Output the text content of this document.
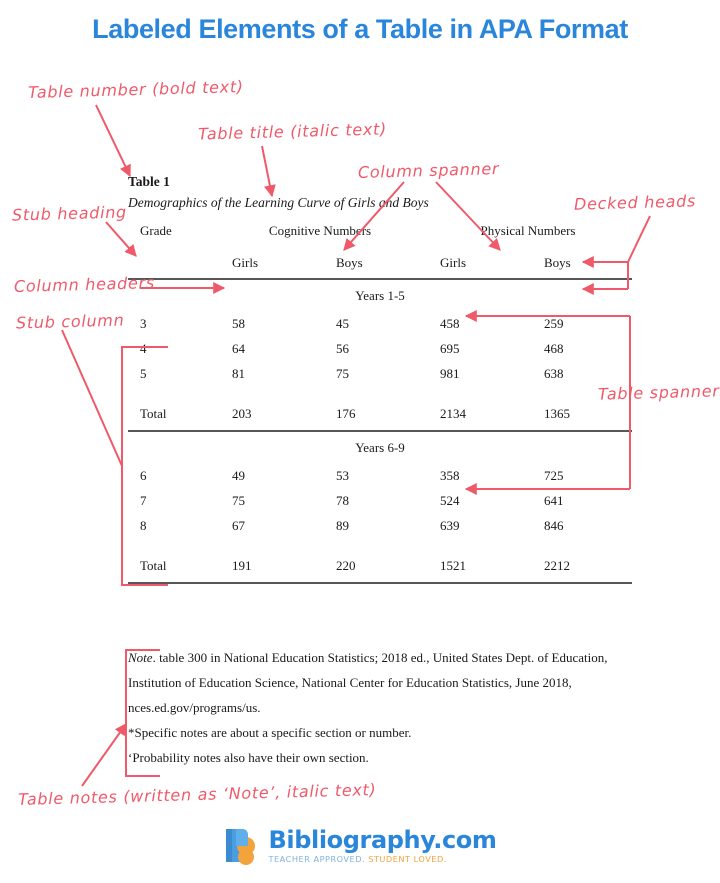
Labeled Elements of a Table in APA Format
Table 1
Demographics of the Learning Curve of Girls and Boys
Grade	Cognitive Numbers		Physical Numbers	
	Girls	Boys	Girls	Boys
Years 1-5				
3	58	45	458	259
4	64	56	695	468
5	81	75	981	638

Total	203	176	2134	1365
Years 6-9				
6	49	53	358	725
7	75	78	524	641
8	67	89	639	846

Total	191	220	1521	2212
Note. table 300 in National Education Statistics; 2018 ed., United States Dept. of Education, Institution of Education Science, National Center for Education Statistics, June 2018, nces.ed.gov/programs/us.
*Specific notes are about a specific section or number.
‘Probability notes also have their own section.
Table number (bold text)
Table title (italic text)
Column spanner
Decked heads
Stub heading
Column headers
Stub column
Table spanner
Table notes (written as ‘Note’, italic text)
Bibliography.com
TEACHER APPROVED. STUDENT LOVED.
